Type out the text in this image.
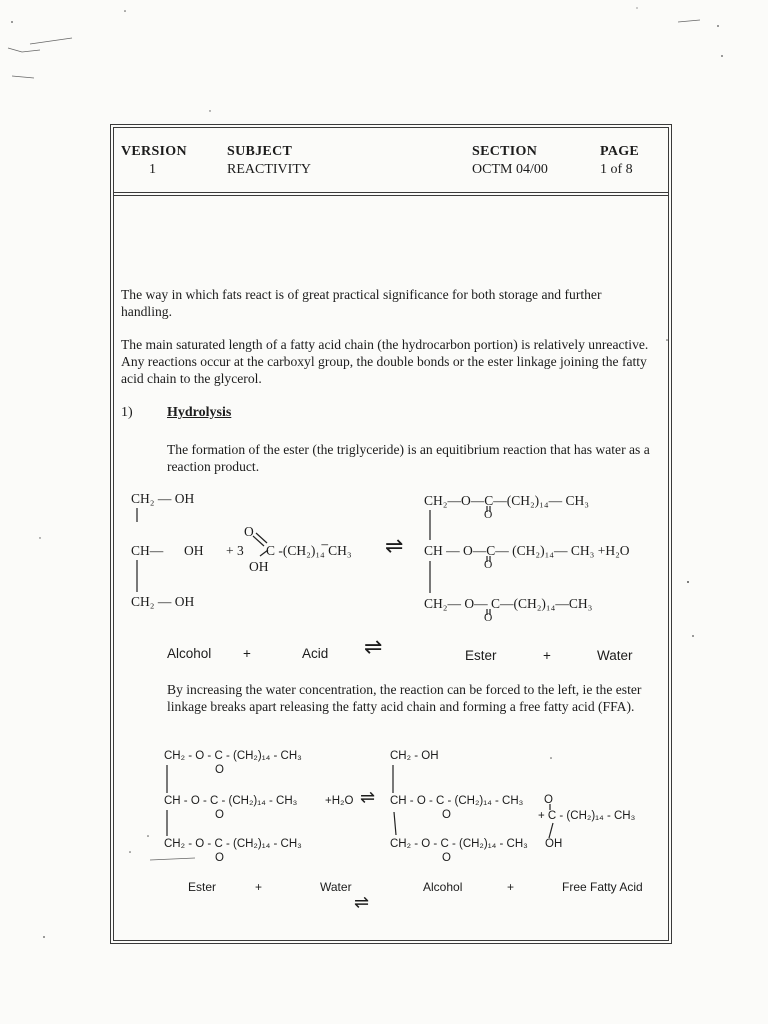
VERSION
1
SUBJECT
REACTIVITY
SECTION
OCTM 04/00
PAGE
1 of 8
The way in which fats react is of great practical significance for both storage and further handling.
The main saturated length of a fatty acid chain (the hydrocarbon portion) is relatively unreactive. Any reactions occur at the carboxyl group, the double bonds or the ester linkage joining the fatty acid chain to the glycerol.
1) Hydrolysis
The formation of the ester (the triglyceride) is an equitibrium reaction that has water as a reaction product.
CH₂ — OH
CH— OH
CH₂ — OH
+ 3
O
C -(CH₂)₁₄̅ CH₃
OH
⇌
CH₂—O—C—(CH₂)₁₄— CH₃
O
CH — O—C— (CH₂)₁₄— CH₃ +H₂O
O
CH₂— O— C—(CH₂)₁₄—CH₃
O
Alcohol +	Acid ⇌	Ester	+	Water
By increasing the water concentration, the reaction can be forced to the left, ie the ester linkage breaks apart releasing the fatty acid chain and forming a free fatty acid (FFA).
CH₂ - O - C - (CH₂)₁₄ - CH₃
O
CH - O - C - (CH₂)₁₄ - CH₃
O
+H₂O ⇌
CH₂ - O - C - (CH₂)₁₄ - CH₃
O
CH₂ - OH
CH - O - C - (CH₂)₁₄ - CH₃
O
CH₂ - O - C - (CH₂)₁₄ - CH₃
O
OH
O
+ C - (CH₂)₁₄ - CH₃
Ester	+	Water	Alcohol	+	Free Fatty Acid
⇌
